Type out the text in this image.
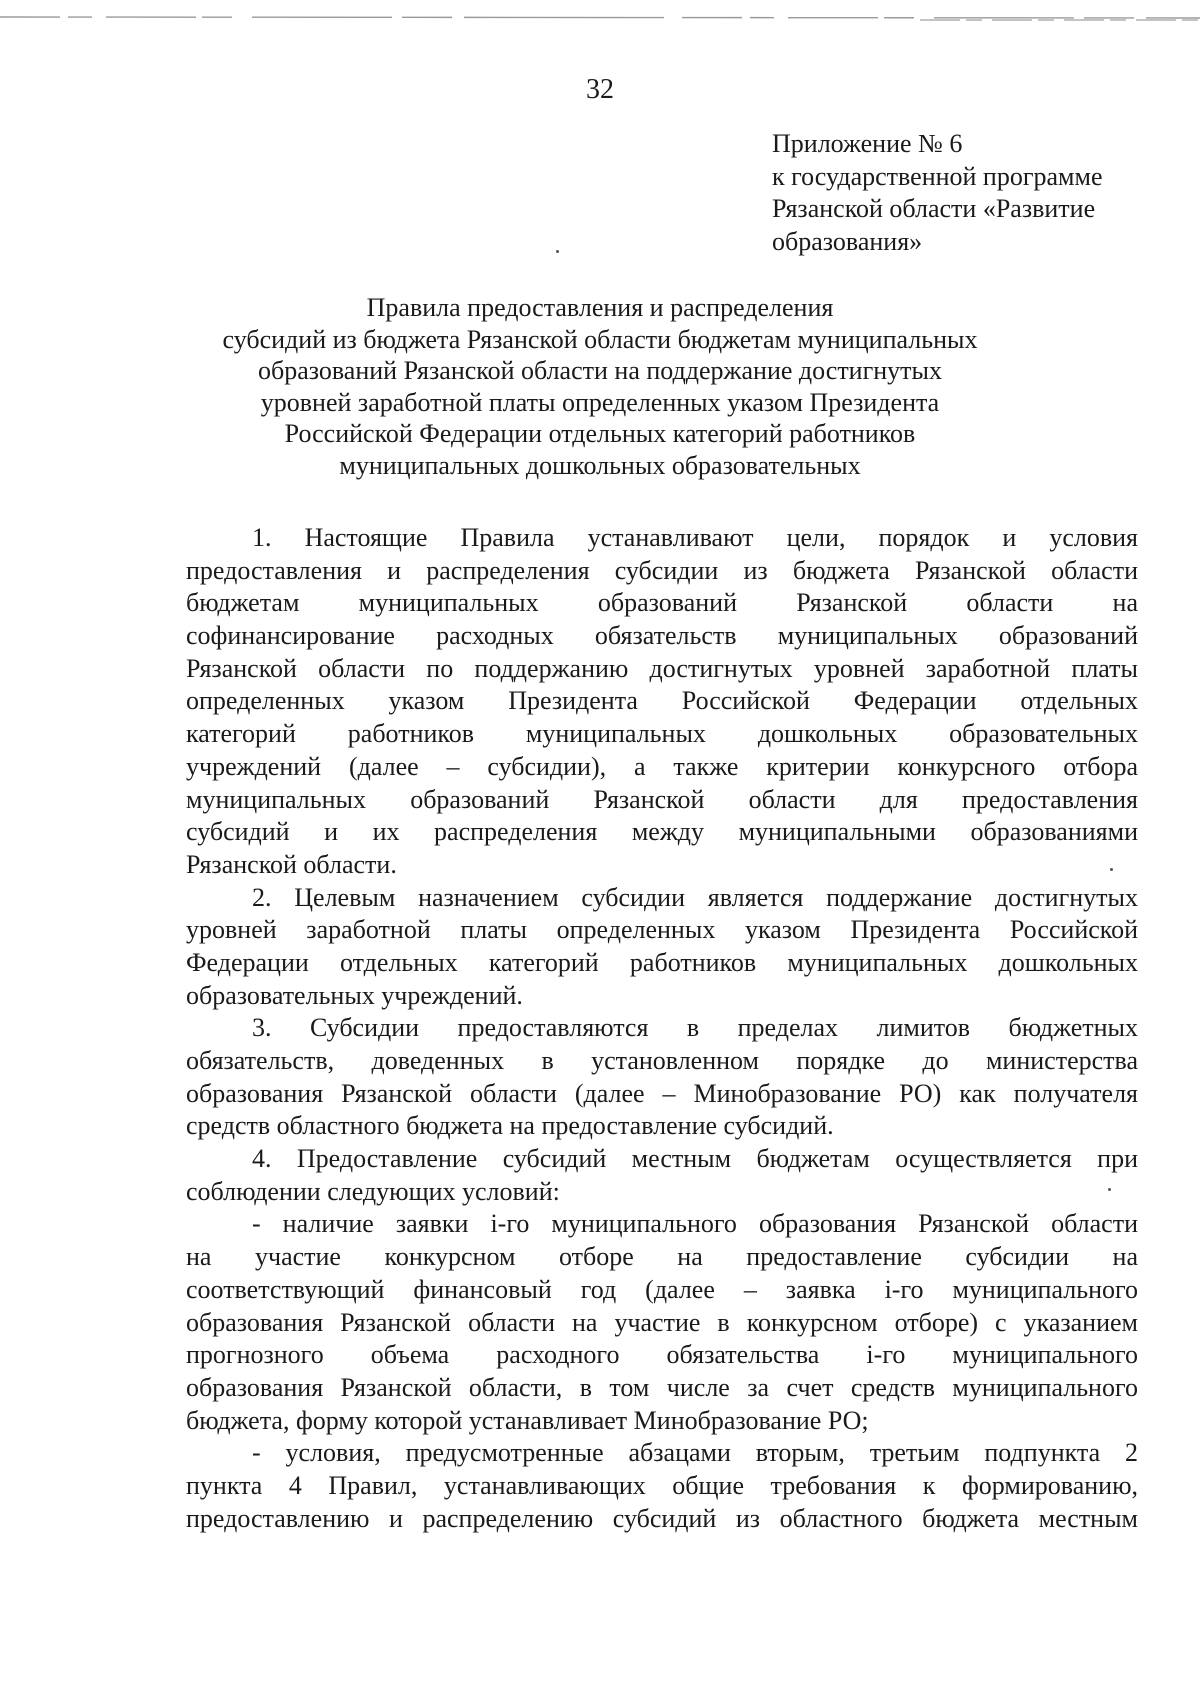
32
Приложение № 6
к государственной программе
Рязанской области «Развитие
образования»
Правила предоставления и распределения
субсидий из бюджета Рязанской области бюджетам муниципальных
образований Рязанской области на поддержание достигнутых
уровней заработной платы определенных указом Президента
Российской Федерации отдельных категорий работников
муниципальных дошкольных образовательных
1. Настоящие Правила устанавливают цели, порядок и условия
предоставления и распределения субсидии из бюджета Рязанской области
бюджетам муниципальных образований Рязанской области на
софинансирование расходных обязательств муниципальных образований
Рязанской области по поддержанию достигнутых уровней заработной платы
определенных указом Президента Российской Федерации отдельных
категорий работников муниципальных дошкольных образовательных
учреждений (далее – субсидии), а также критерии конкурсного отбора
муниципальных образований Рязанской области для предоставления
субсидий и их распределения между муниципальными образованиями
Рязанской области.
2. Целевым назначением субсидии является поддержание достигнутых
уровней заработной платы определенных указом Президента Российской
Федерации отдельных категорий работников муниципальных дошкольных
образовательных учреждений.
3. Субсидии предоставляются в пределах лимитов бюджетных
обязательств, доведенных в установленном порядке до министерства
образования Рязанской области (далее – Минобразование РО) как получателя
средств областного бюджета на предоставление субсидий.
4. Предоставление субсидий местным бюджетам осуществляется при
соблюдении следующих условий:
- наличие заявки i-го муниципального образования Рязанской области
на участие конкурсном отборе на предоставление субсидии на
соответствующий финансовый год (далее – заявка i-го муниципального
образования Рязанской области на участие в конкурсном отборе) с указанием
прогнозного объема расходного обязательства i-го муниципального
образования Рязанской области, в том числе за счет средств муниципального
бюджета, форму которой устанавливает Минобразование РО;
- условия, предусмотренные абзацами вторым, третьим подпункта 2
пункта 4 Правил, устанавливающих общие требования к формированию,
предоставлению и распределению субсидий из областного бюджета местным
